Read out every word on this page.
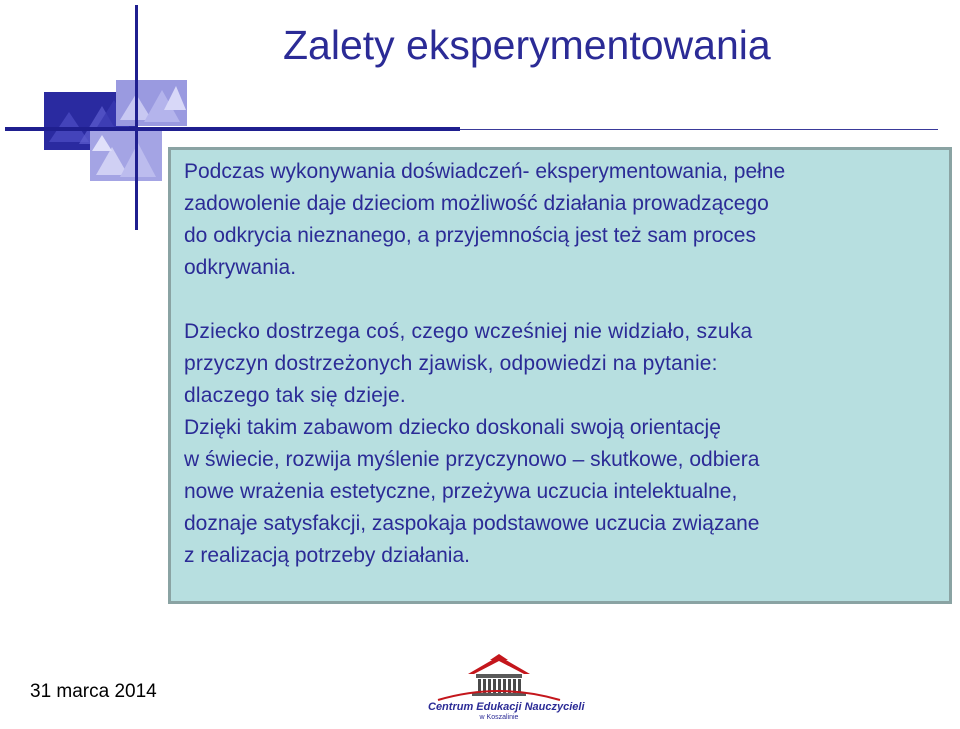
Zalety eksperymentowania

Podczas wykonywania doświadczeń- eksperymentowania, pełne
zadowolenie daje dzieciom możliwość działania prowadzącego
do odkrycia nieznanego, a przyjemnością jest też sam proces
odkrywania.

Dziecko dostrzega coś, czego wcześniej nie widziało, szuka
przyczyn dostrzeżonych zjawisk, odpowiedzi na pytanie:
dlaczego tak się dzieje.

Dzięki takim zabawom dziecko doskonali swoją orientację
w świecie, rozwija myślenie przyczynowo – skutkowe, odbiera
nowe wrażenia estetyczne, przeżywa uczucia intelektualne,
doznaje satysfakcji, zaspokaja podstawowe uczucia związane
z realizacją potrzeby działania.

31 marca 2014
Centrum Edukacji Nauczycieli
w Koszalinie
